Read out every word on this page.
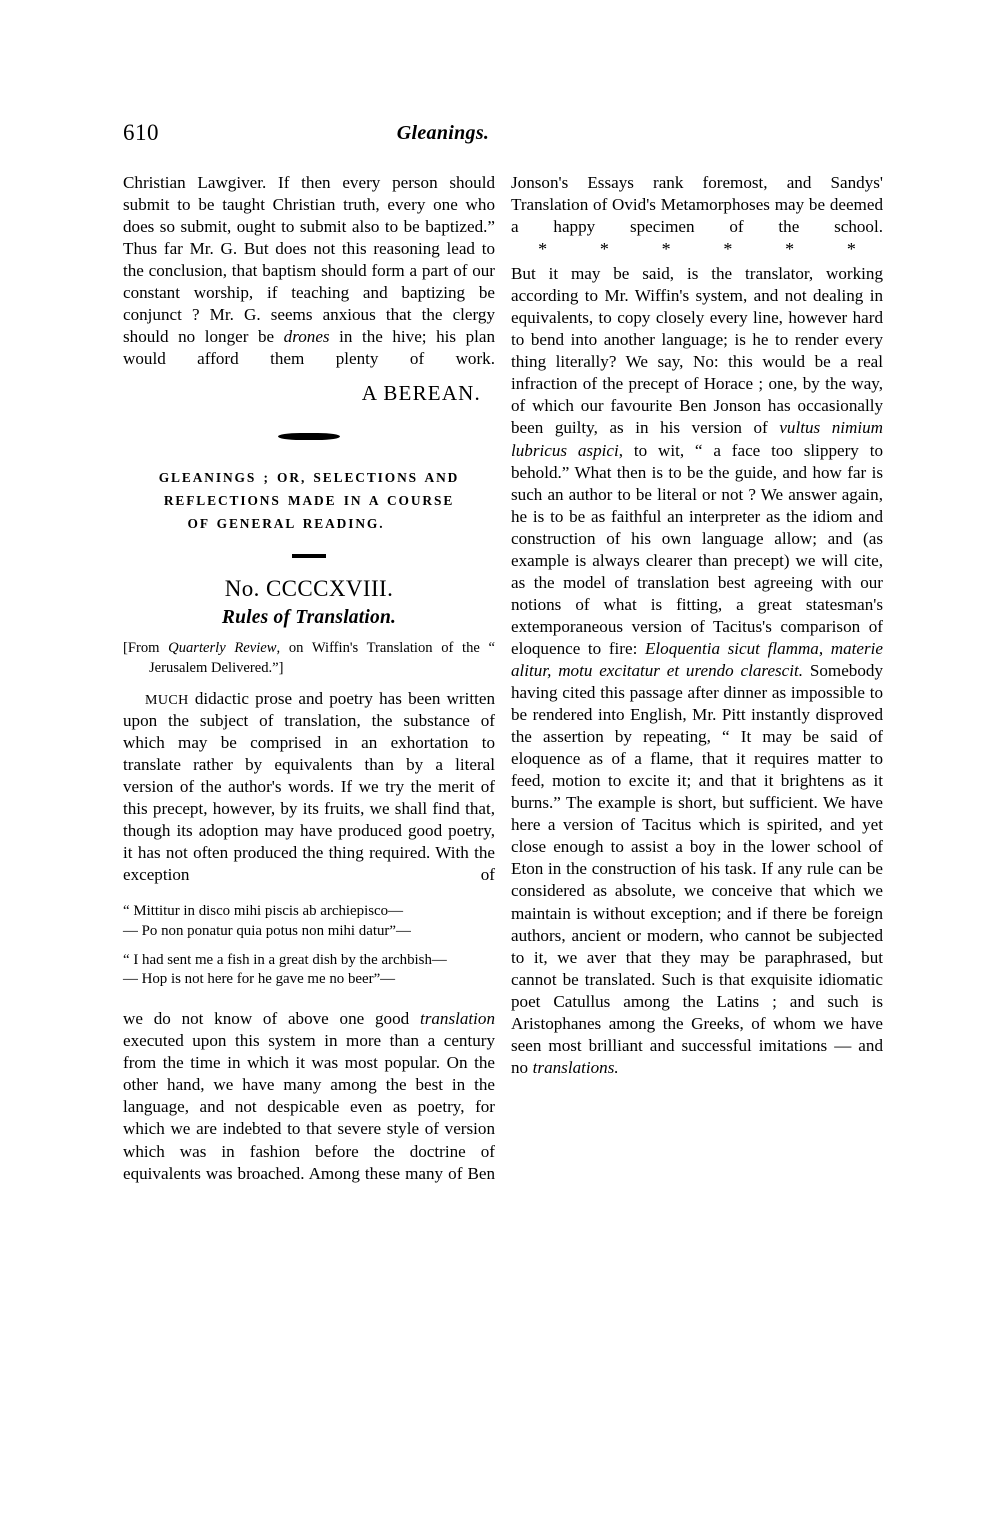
610	Gleanings.

Christian Lawgiver. If then every person should submit to be taught Christian truth, every one who does so submit, ought to submit also to be baptized.” Thus far Mr. G. But does not this reasoning lead to the conclusion, that baptism should form a part of our constant worship, if teaching and baptizing be conjunct ? Mr. G. seems anxious that the clergy should no longer be drones in the hive; his plan would afford them plenty of work.

A BEREAN.

GLEANINGS ; OR, SELECTIONS AND
REFLECTIONS MADE IN A COURSE
OF GENERAL READING.

No. CCCCXVIII.

Rules of Translation.

[From Quarterly Review, on Wiffin's Translation of the “ Jerusalem Delivered.”]

much didactic prose and poetry has been written upon the subject of translation, the substance of which may be comprised in an exhortation to translate rather by equivalents than by a literal version of the author's words. If we try the merit of this precept, however, by its fruits, we shall find that, though its adoption may have produced good poetry, it has not often produced the thing required. With the exception of

“ Mittitur in disco mihi piscis ab archiepisco—

— Po non ponatur quia potus non mihi datur”—

“ I had sent me a fish in a great dish by the archbish—

— Hop is not here for he gave me no beer”—

we do not know of above one good translation executed upon this system in more than a century from the time in which it was most popular. On the other hand, we have many among the best in the language, and not despicable even as poetry, for which we are indebted to that severe style of version which was in fashion before the doctrine of equivalents was broached. Among these many of Ben

Jonson's Essays rank foremost, and Sandys' Translation of Ovid's Metamorphoses may be deemed a happy specimen of the school.

*	*	*	*	*	*

But it may be said, is the translator, working according to Mr. Wiffin's system, and not dealing in equivalents, to copy closely every line, however hard to bend into another language; is he to render every thing literally? We say, No: this would be a real infraction of the precept of Horace ; one, by the way, of which our favourite Ben Jonson has occasionally been guilty, as in his version of vultus nimium lubricus aspici, to wit, “ a face too slippery to behold.” What then is to be the guide, and how far is such an author to be literal or not ? We answer again, he is to be as faithful an interpreter as the idiom and construction of his own language allow; and (as example is always clearer than precept) we will cite, as the model of translation best agreeing with our notions of what is fitting, a great statesman's extemporaneous version of Tacitus's comparison of eloquence to fire: Eloquentia sicut flamma, materie alitur, motu excitatur et urendo clarescit. Somebody having cited this passage after dinner as impossible to be rendered into English, Mr. Pitt instantly disproved the assertion by repeating, “ It may be said of eloquence as of a flame, that it requires matter to feed, motion to excite it; and that it brightens as it burns.” The example is short, but sufficient. We have here a version of Tacitus which is spirited, and yet close enough to assist a boy in the lower school of Eton in the construction of his task. If any rule can be considered as absolute, we conceive that which we maintain is without exception; and if there be foreign authors, ancient or modern, who cannot be subjected to it, we aver that they may be paraphrased, but cannot be translated. Such is that exquisite idiomatic poet Catullus among the Latins ; and such is Aristophanes among the Greeks, of whom we have seen most brilliant and successful imitations — and no translations.
